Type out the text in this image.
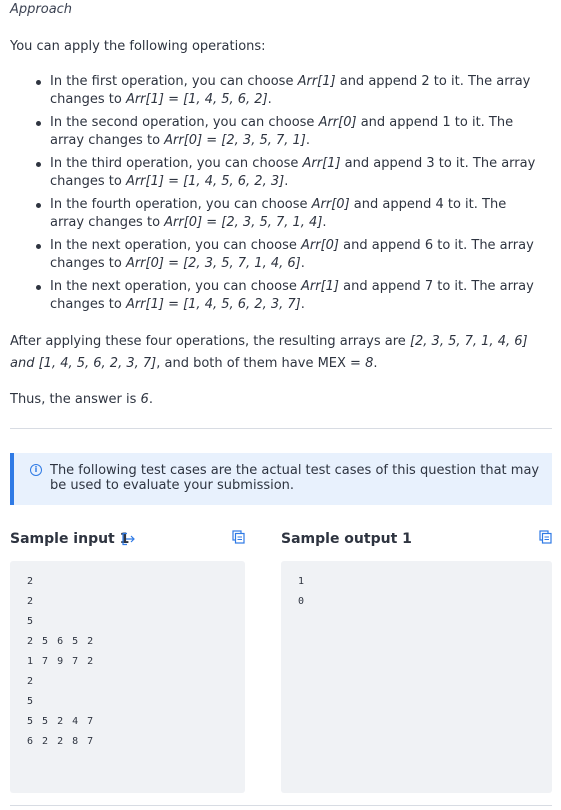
Approach
You can apply the following operations:
In the first operation, you can choose Arr[1] and append 2 to it. The array changes to Arr[1] = [1, 4, 5, 6, 2].
In the second operation, you can choose Arr[0] and append 1 to it. The array changes to Arr[0] = [2, 3, 5, 7, 1].
In the third operation, you can choose Arr[1] and append 3 to it. The array changes to Arr[1] = [1, 4, 5, 6, 2, 3].
In the fourth operation, you can choose Arr[0] and append 4 to it. The array changes to Arr[0] = [2, 3, 5, 7, 1, 4].
In the next operation, you can choose Arr[0] and append 6 to it. The array changes to Arr[0] = [2, 3, 5, 7, 1, 4, 6].
In the next operation, you can choose Arr[1] and append 7 to it. The array changes to Arr[1] = [1, 4, 5, 6, 2, 3, 7].
After applying these four operations, the resulting arrays are [2, 3, 5, 7, 1, 4, 6] and [1, 4, 5, 6, 2, 3, 7], and both of them have MEX = 8.
Thus, the answer is 6.
i The following test cases are the actual test cases of this question that may be used to evaluate your submission.
Sample input 1	Sample output 1
2
2
5
2 5 6 5 2
1 7 9 7 2
2
5
5 5 2 4 7
6 2 2 8 7
1
0
